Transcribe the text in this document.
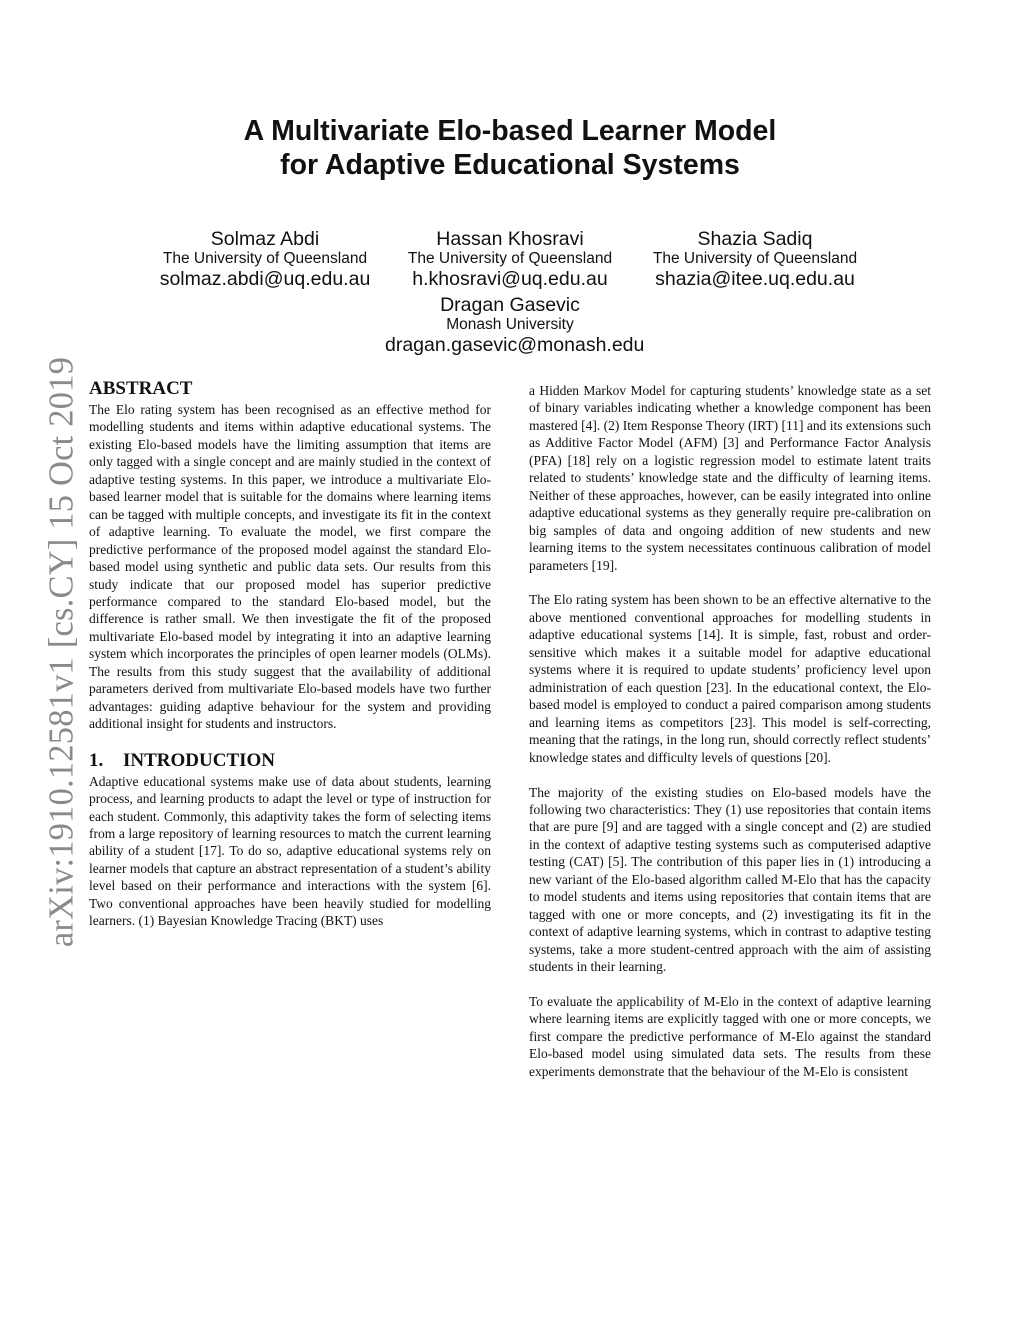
arXiv:1910.12581v1 [cs.CY] 15 Oct 2019
A Multivariate Elo-based Learner Model
for Adaptive Educational Systems
Solmaz Abdi
The University of Queensland
solmaz.abdi@uq.edu.au
Hassan Khosravi
The University of Queensland
h.khosravi@uq.edu.au
Shazia Sadiq
The University of Queensland
shazia@itee.uq.edu.au
Dragan Gasevic
Monash University
dragan.gasevic@monash.edu
ABSTRACT

The Elo rating system has been recognised as an effective method for modelling students and items within adaptive educational systems. The existing Elo-based models have the limiting assumption that items are only tagged with a single concept and are mainly studied in the context of adaptive testing systems. In this paper, we introduce a multivariate Elo-based learner model that is suitable for the domains where learning items can be tagged with multiple concepts, and investigate its fit in the context of adaptive learning. To evaluate the model, we first compare the predictive performance of the proposed model against the standard Elo-based model using synthetic and public data sets. Our results from this study indicate that our proposed model has superior predictive performance compared to the standard Elo-based model, but the difference is rather small. We then investigate the fit of the proposed multivariate Elo-based model by integrating it into an adaptive learning system which incorporates the principles of open learner models (OLMs). The results from this study suggest that the availability of additional parameters derived from multivariate Elo-based models have two further advantages: guiding adaptive behaviour for the system and providing additional insight for students and instructors.

1. INTRODUCTION

Adaptive educational systems make use of data about students, learning process, and learning products to adapt the level or type of instruction for each student. Commonly, this adaptivity takes the form of selecting items from a large repository of learning resources to match the current learning ability of a student [17]. To do so, adaptive educational systems rely on learner models that capture an abstract representation of a student’s ability level based on their performance and interactions with the system [6]. Two conventional approaches have been heavily studied for modelling learners. (1) Bayesian Knowledge Tracing (BKT) uses

a Hidden Markov Model for capturing students’ knowledge state as a set of binary variables indicating whether a knowledge component has been mastered [4]. (2) Item Response Theory (IRT) [11] and its extensions such as Additive Factor Model (AFM) [3] and Performance Factor Analysis (PFA) [18] rely on a logistic regression model to estimate latent traits related to students’ knowledge state and the difficulty of learning items. Neither of these approaches, however, can be easily integrated into online adaptive educational systems as they generally require pre-calibration on big samples of data and ongoing addition of new students and new learning items to the system necessitates continuous calibration of model parameters [19].

The Elo rating system has been shown to be an effective alternative to the above mentioned conventional approaches for modelling students in adaptive educational systems [14]. It is simple, fast, robust and order-sensitive which makes it a suitable model for adaptive educational systems where it is required to update students’ proficiency level upon administration of each question [23]. In the educational context, the Elo-based model is employed to conduct a paired comparison among students and learning items as competitors [23]. This model is self-correcting, meaning that the ratings, in the long run, should correctly reflect students’ knowledge states and difficulty levels of questions [20].

The majority of the existing studies on Elo-based models have the following two characteristics: They (1) use repositories that contain items that are pure [9] and are tagged with a single concept and (2) are studied in the context of adaptive testing systems such as computerised adaptive testing (CAT) [5]. The contribution of this paper lies in (1) introducing a new variant of the Elo-based algorithm called M-Elo that has the capacity to model students and items using repositories that contain items that are tagged with one or more concepts, and (2) investigating its fit in the context of adaptive learning systems, which in contrast to adaptive testing systems, take a more student-centred approach with the aim of assisting students in their learning.

To evaluate the applicability of M-Elo in the context of adaptive learning where learning items are explicitly tagged with one or more concepts, we first compare the predictive performance of M-Elo against the standard Elo-based model using simulated data sets. The results from these experiments demonstrate that the behaviour of the M-Elo is consistent
